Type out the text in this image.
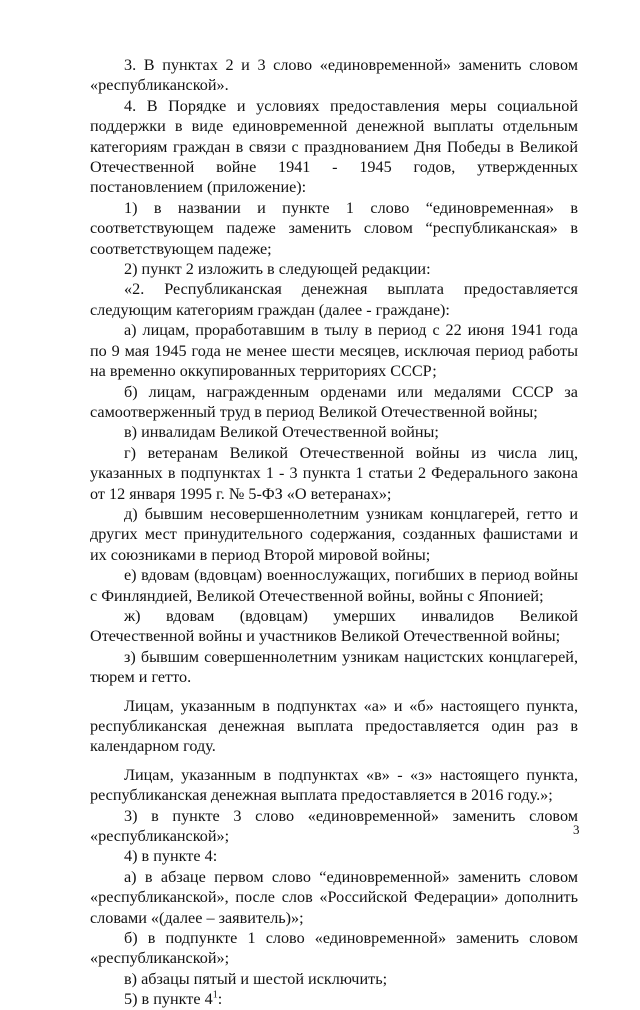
3. В пунктах 2 и 3 слово «единовременной» заменить словом «республиканской».

4. В Порядке и условиях предоставления меры социальной поддержки в виде единовременной денежной выплаты отдельным категориям граждан в связи с празднованием Дня Победы в Великой Отечественной войне 1941 - 1945 годов, утвержденных постановлением (приложение):

1) в названии и пункте 1 слово “единовременная» в соответствующем падеже заменить словом “республиканская» в соответствующем падеже;

2) пункт 2 изложить в следующей редакции:

«2. Республиканская денежная выплата предоставляется следующим категориям граждан (далее - граждане):

а) лицам, проработавшим в тылу в период с 22 июня 1941 года по 9 мая 1945 года не менее шести месяцев, исключая период работы на временно оккупированных территориях СССР;

б) лицам, награжденным орденами или медалями СССР за самоотверженный труд в период Великой Отечественной войны;

в) инвалидам Великой Отечественной войны;

г) ветеранам Великой Отечественной войны из числа лиц, указанных в подпунктах 1 - 3 пункта 1 статьи 2 Федерального закона от 12 января 1995 г. № 5-ФЗ «О ветеранах»;

д) бывшим несовершеннолетним узникам концлагерей, гетто и других мест принудительного содержания, созданных фашистами и их союзниками в период Второй мировой войны;

е) вдовам (вдовцам) военнослужащих, погибших в период войны с Финляндией, Великой Отечественной войны, войны с Японией;

ж) вдовам (вдовцам) умерших инвалидов Великой Отечественной войны и участников Великой Отечественной войны;

з) бывшим совершеннолетним узникам нацистских концлагерей, тюрем и гетто.

Лицам, указанным в подпунктах «а» и «б» настоящего пункта, республиканская денежная выплата предоставляется один раз в календарном году.

Лицам, указанным в подпунктах «в» - «з» настоящего пункта, республиканская денежная выплата предоставляется в 2016 году.»;

3) в пункте 3 слово «единовременной» заменить словом «республиканской»;

4) в пункте 4:

а) в абзаце первом слово “единовременной» заменить словом «республиканской», после слов «Российской Федерации» дополнить словами «(далее – заявитель)»;

б) в подпункте 1 слово «единовременной» заменить словом «республиканской»;

в) абзацы пятый и шестой исключить;

5) в пункте $4^1$:

3
